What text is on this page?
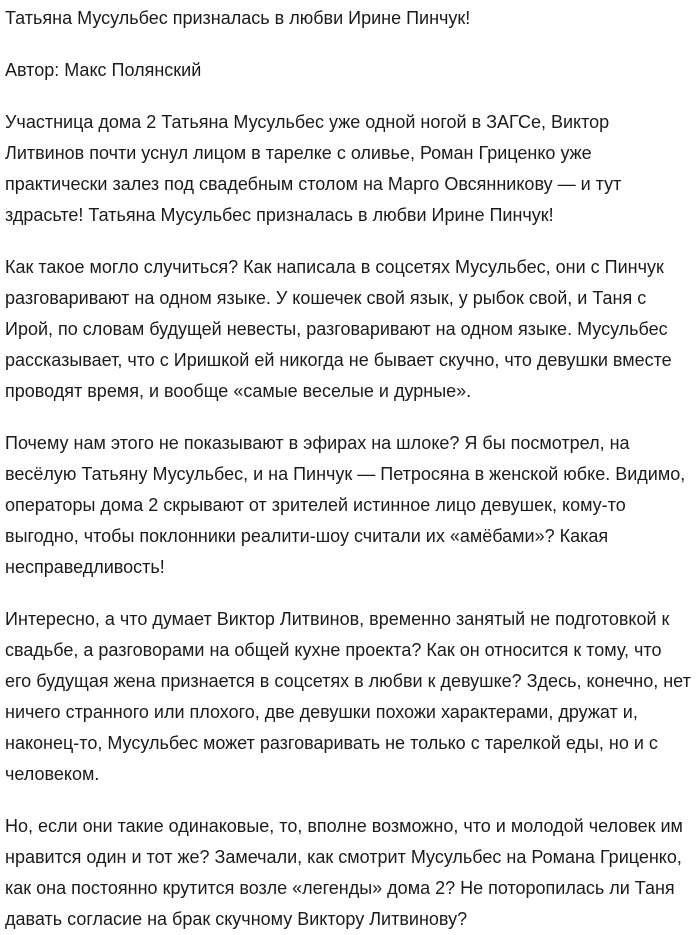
Татьяна Мусульбес призналась в любви Ирине Пинчук!

Автор: Макс Полянский

Участница дома 2 Татьяна Мусульбес уже одной ногой в ЗАГСе, Виктор Литвинов почти уснул лицом в тарелке с оливье, Роман Гриценко уже практически залез под свадебным столом на Марго Овсянникову — и тут здрасьте! Татьяна Мусульбес призналась в любви Ирине Пинчук!

Как такое могло случиться? Как написала в соцсетях Мусульбес, они с Пинчук разговаривают на одном языке. У кошечек свой язык, у рыбок свой, и Таня с Ирой, по словам будущей невесты, разговаривают на одном языке. Мусульбес рассказывает, что с Иришкой ей никогда не бывает скучно, что девушки вместе проводят время, и вообще «самые веселые и дурные».

Почему нам этого не показывают в эфирах на шлоке? Я бы посмотрел, на весёлую Татьяну Мусульбес, и на Пинчук — Петросяна в женской юбке. Видимо, операторы дома 2 скрывают от зрителей истинное лицо девушек, кому-то выгодно, чтобы поклонники реалити-шоу считали их «амёбами»? Какая несправедливость!

Интересно, а что думает Виктор Литвинов, временно занятый не подготовкой к свадьбе, а разговорами на общей кухне проекта? Как он относится к тому, что его будущая жена признается в соцсетях в любви к девушке? Здесь, конечно, нет ничего странного или плохого, две девушки похожи характерами, дружат и, наконец-то, Мусульбес может разговаривать не только с тарелкой еды, но и с человеком.

Но, если они такие одинаковые, то, вполне возможно, что и молодой человек им нравится один и тот же? Замечали, как смотрит Мусульбес на Романа Гриценко, как она постоянно крутится возле «легенды» дома 2? Не поторопилась ли Таня давать согласие на брак скучному Виктору Литвинову?
